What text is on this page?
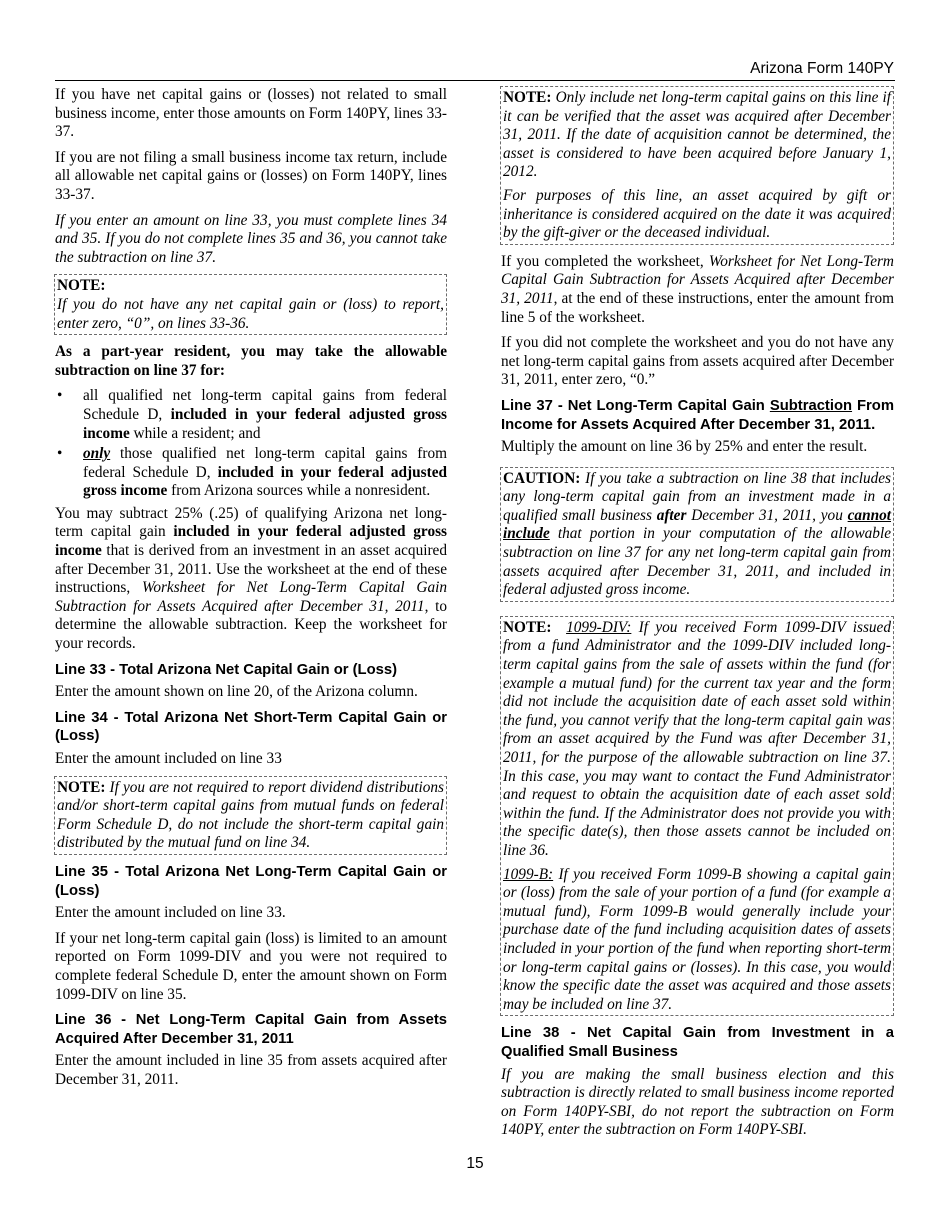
Arizona Form 140PY

If you have net capital gains or (losses) not related to small business income, enter those amounts on Form 140PY, lines 33-37.

If you are not filing a small business income tax return, include all allowable net capital gains or (losses) on Form 140PY, lines 33-37.

If you enter an amount on line 33, you must complete lines 34 and 35. If you do not complete lines 35 and 36, you cannot take the subtraction on line 37.

NOTE:

If you do not have any net capital gain or (loss) to report, enter zero, “0”, on lines 33-36.

As a part-year resident, you may take the allowable subtraction on line 37 for:

• all qualified net long-term capital gains from federal Schedule D, included in your federal adjusted gross income while a resident; and
• only those qualified net long-term capital gains from federal Schedule D, included in your federal adjusted gross income from Arizona sources while a nonresident.

You may subtract 25% (.25) of qualifying Arizona net long-term capital gain included in your federal adjusted gross income that is derived from an investment in an asset acquired after December 31, 2011. Use the worksheet at the end of these instructions, Worksheet for Net Long-Term Capital Gain Subtraction for Assets Acquired after December 31, 2011, to determine the allowable subtraction. Keep the worksheet for your records.

Line 33 - Total Arizona Net Capital Gain or (Loss)

Enter the amount shown on line 20, of the Arizona column.

Line 34 - Total Arizona Net Short-Term Capital Gain or (Loss)

Enter the amount included on line 33

NOTE: If you are not required to report dividend distributions and/or short-term capital gains from mutual funds on federal Form Schedule D, do not include the short-term capital gain distributed by the mutual fund on line 34.

Line 35 - Total Arizona Net Long-Term Capital Gain or (Loss)

Enter the amount included on line 33.

If your net long-term capital gain (loss) is limited to an amount reported on Form 1099-DIV and you were not required to complete federal Schedule D, enter the amount shown on Form 1099-DIV on line 35.

Line 36 - Net Long-Term Capital Gain from Assets Acquired After December 31, 2011

Enter the amount included in line 35 from assets acquired after December 31, 2011.

NOTE: Only include net long-term capital gains on this line if it can be verified that the asset was acquired after December 31, 2011. If the date of acquisition cannot be determined, the asset is considered to have been acquired before January 1, 2012.

For purposes of this line, an asset acquired by gift or inheritance is considered acquired on the date it was acquired by the gift-giver or the deceased individual.

If you completed the worksheet, Worksheet for Net Long-Term Capital Gain Subtraction for Assets Acquired after December 31, 2011, at the end of these instructions, enter the amount from line 5 of the worksheet.

If you did not complete the worksheet and you do not have any net long-term capital gains from assets acquired after December 31, 2011, enter zero, “0.”

Line 37 - Net Long-Term Capital Gain Subtraction From Income for Assets Acquired After December 31, 2011.

Multiply the amount on line 36 by 25% and enter the result.

CAUTION: If you take a subtraction on line 38 that includes any long-term capital gain from an investment made in a qualified small business after December 31, 2011, you cannot include that portion in your computation of the allowable subtraction on line 37 for any net long-term capital gain from assets acquired after December 31, 2011, and included in federal adjusted gross income.

NOTE: 1099-DIV: If you received Form 1099-DIV issued from a fund Administrator and the 1099-DIV included long-term capital gains from the sale of assets within the fund (for example a mutual fund) for the current tax year and the form did not include the acquisition date of each asset sold within the fund, you cannot verify that the long-term capital gain was from an asset acquired by the Fund was after December 31, 2011, for the purpose of the allowable subtraction on line 37. In this case, you may want to contact the Fund Administrator and request to obtain the acquisition date of each asset sold within the fund. If the Administrator does not provide you with the specific date(s), then those assets cannot be included on line 36.

1099-B: If you received Form 1099-B showing a capital gain or (loss) from the sale of your portion of a fund (for example a mutual fund), Form 1099-B would generally include your purchase date of the fund including acquisition dates of assets included in your portion of the fund when reporting short-term or long-term capital gains or (losses). In this case, you would know the specific date the asset was acquired and those assets may be included on line 37.

Line 38 - Net Capital Gain from Investment in a Qualified Small Business

If you are making the small business election and this subtraction is directly related to small business income reported on Form 140PY-SBI, do not report the subtraction on Form 140PY, enter the subtraction on Form 140PY-SBI.

15
